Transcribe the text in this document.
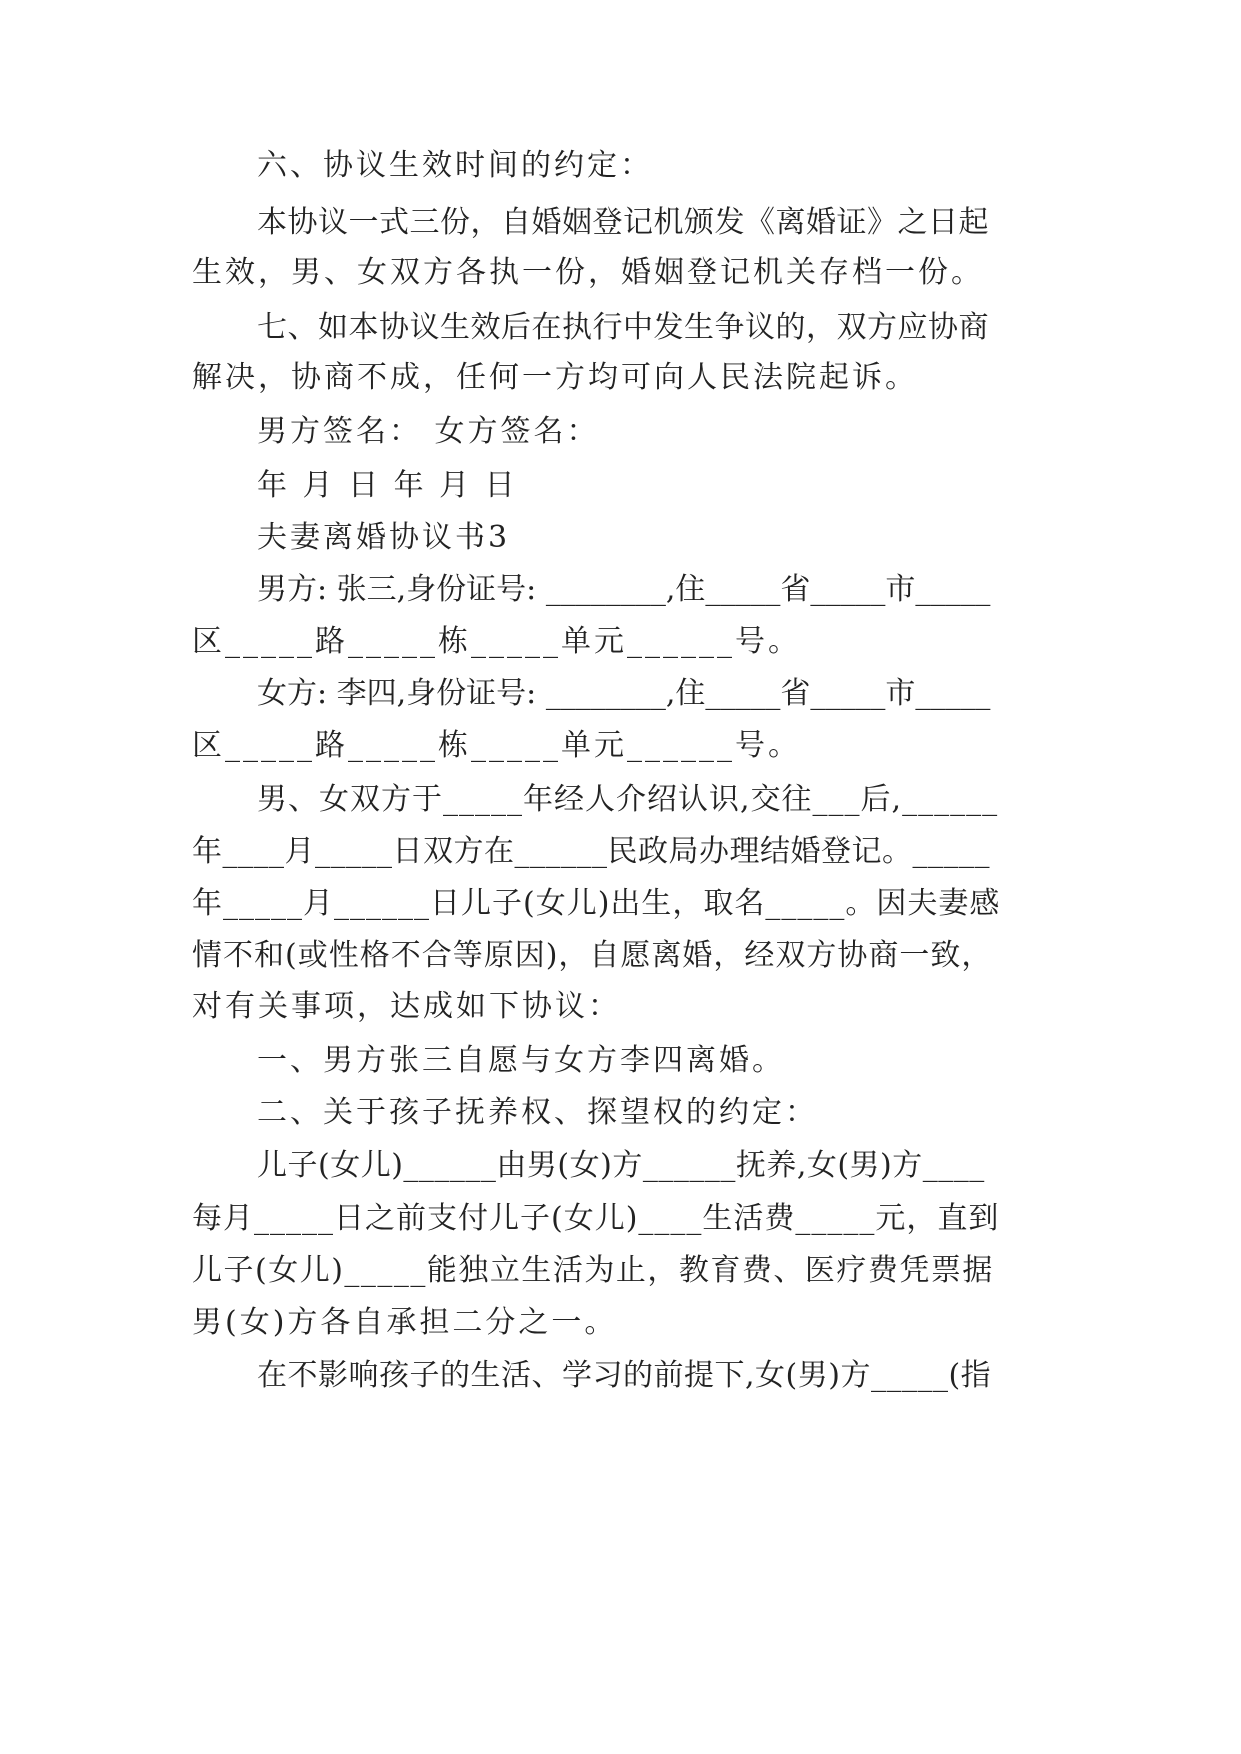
六、协议生效时间的约定：
本协议一式三份，自婚姻登记机颁发《离婚证》之日起
生效，男、女双方各执一份，婚姻登记机关存档一份。
七、如本协议生效后在执行中发生争议的，双方应协商
解决，协商不成，任何一方均可向人民法院起诉。
男方签名： 女方签名：
年 月 日 年 月 日
夫妻离婚协议书3
男方: 张三,身份证号: ________,住_____省_____市_____
区_____路_____栋_____单元______号。
女方: 李四,身份证号: ________,住_____省_____市_____
区_____路_____栋_____单元______号。
男、女双方于_____年经人介绍认识,交往___后,______
年____月_____日双方在______民政局办理结婚登记。_____
年_____月______日儿子(女儿)出生，取名_____。因夫妻感
情不和(或性格不合等原因)，自愿离婚，经双方协商一致，
对有关事项，达成如下协议：
一、男方张三自愿与女方李四离婚。
二、关于孩子抚养权、探望权的约定：
儿子(女儿)______由男(女)方______抚养,女(男)方____
每月_____日之前支付儿子(女儿)____生活费_____元，直到
儿子(女儿)_____能独立生活为止，教育费、医疗费凭票据
男(女)方各自承担二分之一。
在不影响孩子的生活、学习的前提下,女(男)方_____(指
